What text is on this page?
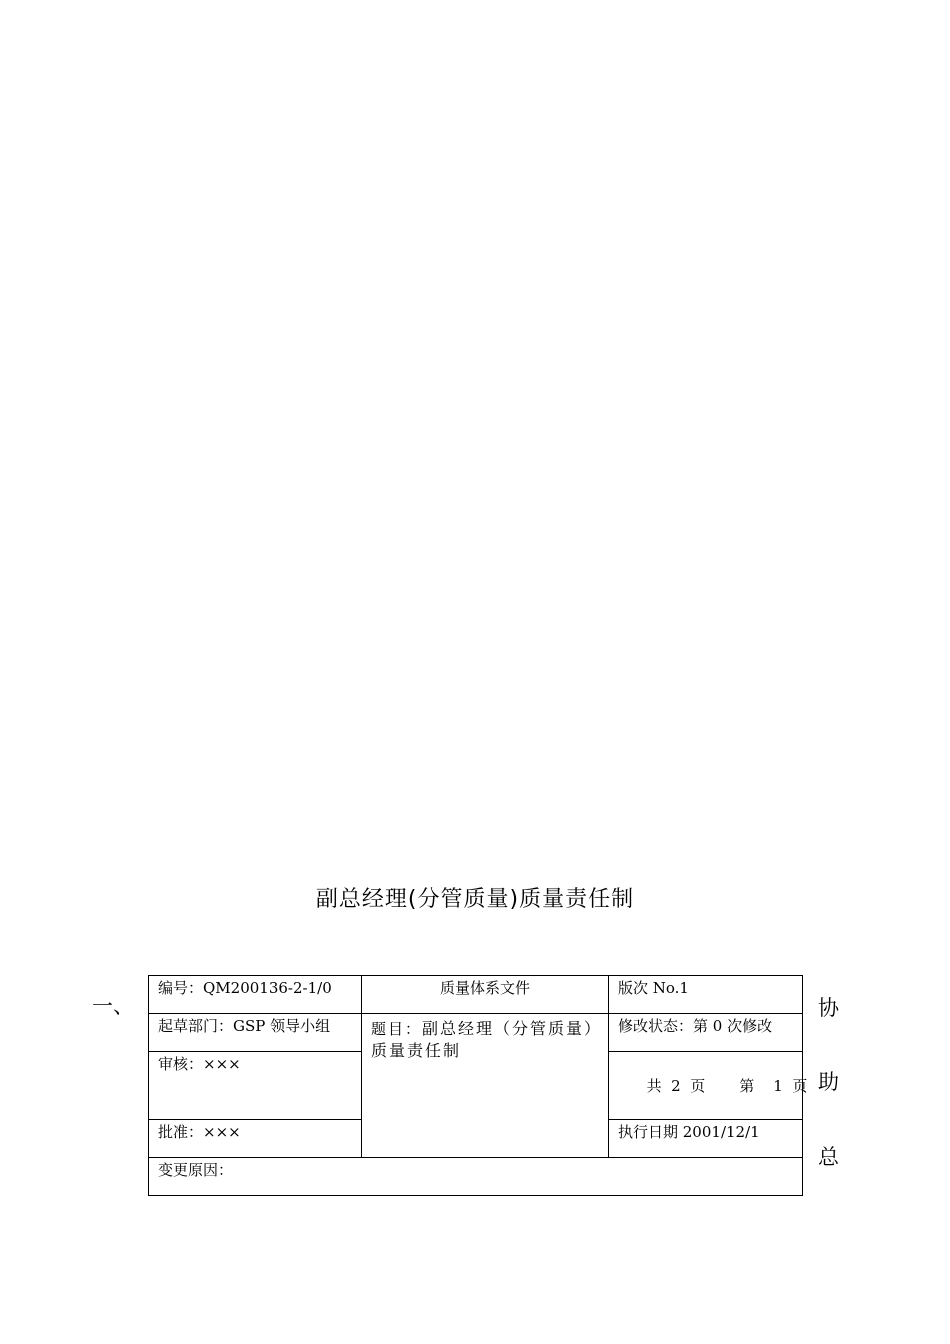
副总经理(分管质量)质量责任制
一、	协
助
总
编号：QM200136-2-1/0	质量体系文件	版次 No.1
起草部门：GSP 领导小组	题目：副总经理（分管质量）质量责任制	修改状态：第 0 次修改
审核：×××		共  2  页 第    1  页

批准：×××		执行日期 2001/12/1
变更原因：		
